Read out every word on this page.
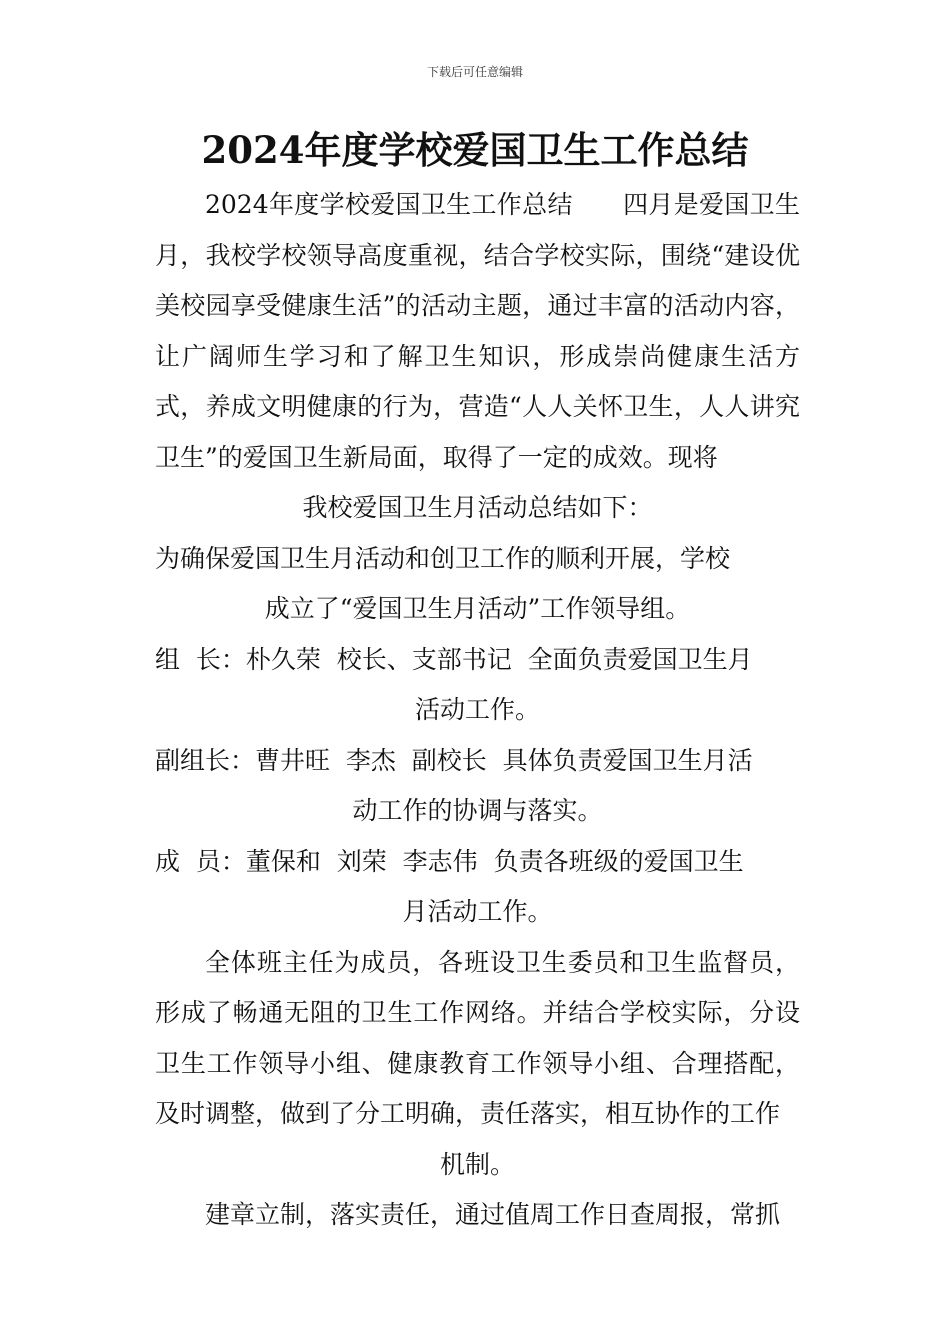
下载后可任意编辑
2024年度学校爱国卫生工作总结

2024年度学校爱国卫生工作总结 四月是爱国卫生月，我校学校领导高度重视，结合学校实际，围绕“建设优美校园享受健康生活”的活动主题，通过丰富的活动内容，让广阔师生学习和了解卫生知识，形成崇尚健康生活方式，养成文明健康的行为，营造“人人关怀卫生，人人讲究卫生”的爱国卫生新局面，取得了一定的成效。现将

我校爱国卫生月活动总结如下：

为确保爱国卫生月活动和创卫工作的顺利开展，学校

成立了“爱国卫生月活动”工作领导组。

组  长：朴久荣  校长、支部书记  全面负责爱国卫生月

活动工作。

副组长：曹井旺  李杰  副校长  具体负责爱国卫生月活

动工作的协调与落实。

成  员：董保和  刘荣  李志伟  负责各班级的爱国卫生

月活动工作。

全体班主任为成员，各班设卫生委员和卫生监督员，形成了畅通无阻的卫生工作网络。并结合学校实际，分设卫生工作领导小组、健康教育工作领导小组、合理搭配，及时调整，做到了分工明确，责任落实，相互协作的工作

机制。

建章立制，落实责任，通过值周工作日查周报，常抓
